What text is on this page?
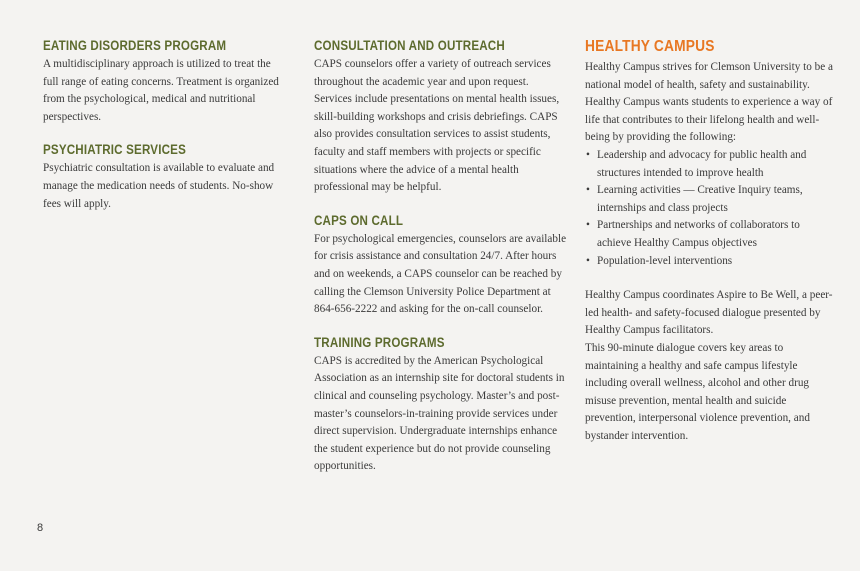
EATING DISORDERS PROGRAM

A multidisciplinary approach is utilized to treat the full range of eating concerns. Treatment is organized from the psychological, medical and nutritional perspectives.

PSYCHIATRIC SERVICES

Psychiatric consultation is available to evaluate and manage the medication needs of students. No-show fees will apply.

CONSULTATION AND OUTREACH

CAPS counselors offer a variety of outreach services throughout the academic year and upon request. Services include presentations on mental health issues, skill-building workshops and crisis debriefings. CAPS also provides consultation services to assist students, faculty and staff members with projects or specific situations where the advice of a mental health professional may be helpful.

CAPS ON CALL

For psychological emergencies, counselors are available for crisis assistance and consultation 24/7. After hours and on weekends, a CAPS counselor can be reached by calling the Clemson University Police Department at 864-656-2222 and asking for the on-call counselor.

TRAINING PROGRAMS

CAPS is accredited by the American Psychological Association as an internship site for doctoral students in clinical and counseling psychology. Master’s and post-master’s counselors-in-training provide services under direct supervision. Undergraduate internships enhance the student experience but do not provide counseling opportunities.

HEALTHY CAMPUS

Healthy Campus strives for Clemson University to be a national model of health, safety and sustainability. Healthy Campus wants students to experience a way of life that contributes to their lifelong health and well-being by providing the following:

• Leadership and advocacy for public health and structures intended to improve health
• Learning activities — Creative Inquiry teams, internships and class projects
• Partnerships and networks of collaborators to achieve Healthy Campus objectives
• Population-level interventions

Healthy Campus coordinates Aspire to Be Well, a peer-led health- and safety-focused dialogue presented by Healthy Campus facilitators.

This 90-minute dialogue covers key areas to maintaining a healthy and safe campus lifestyle including overall wellness, alcohol and other drug misuse prevention, mental health and suicide prevention, interpersonal violence prevention, and bystander intervention.

8
